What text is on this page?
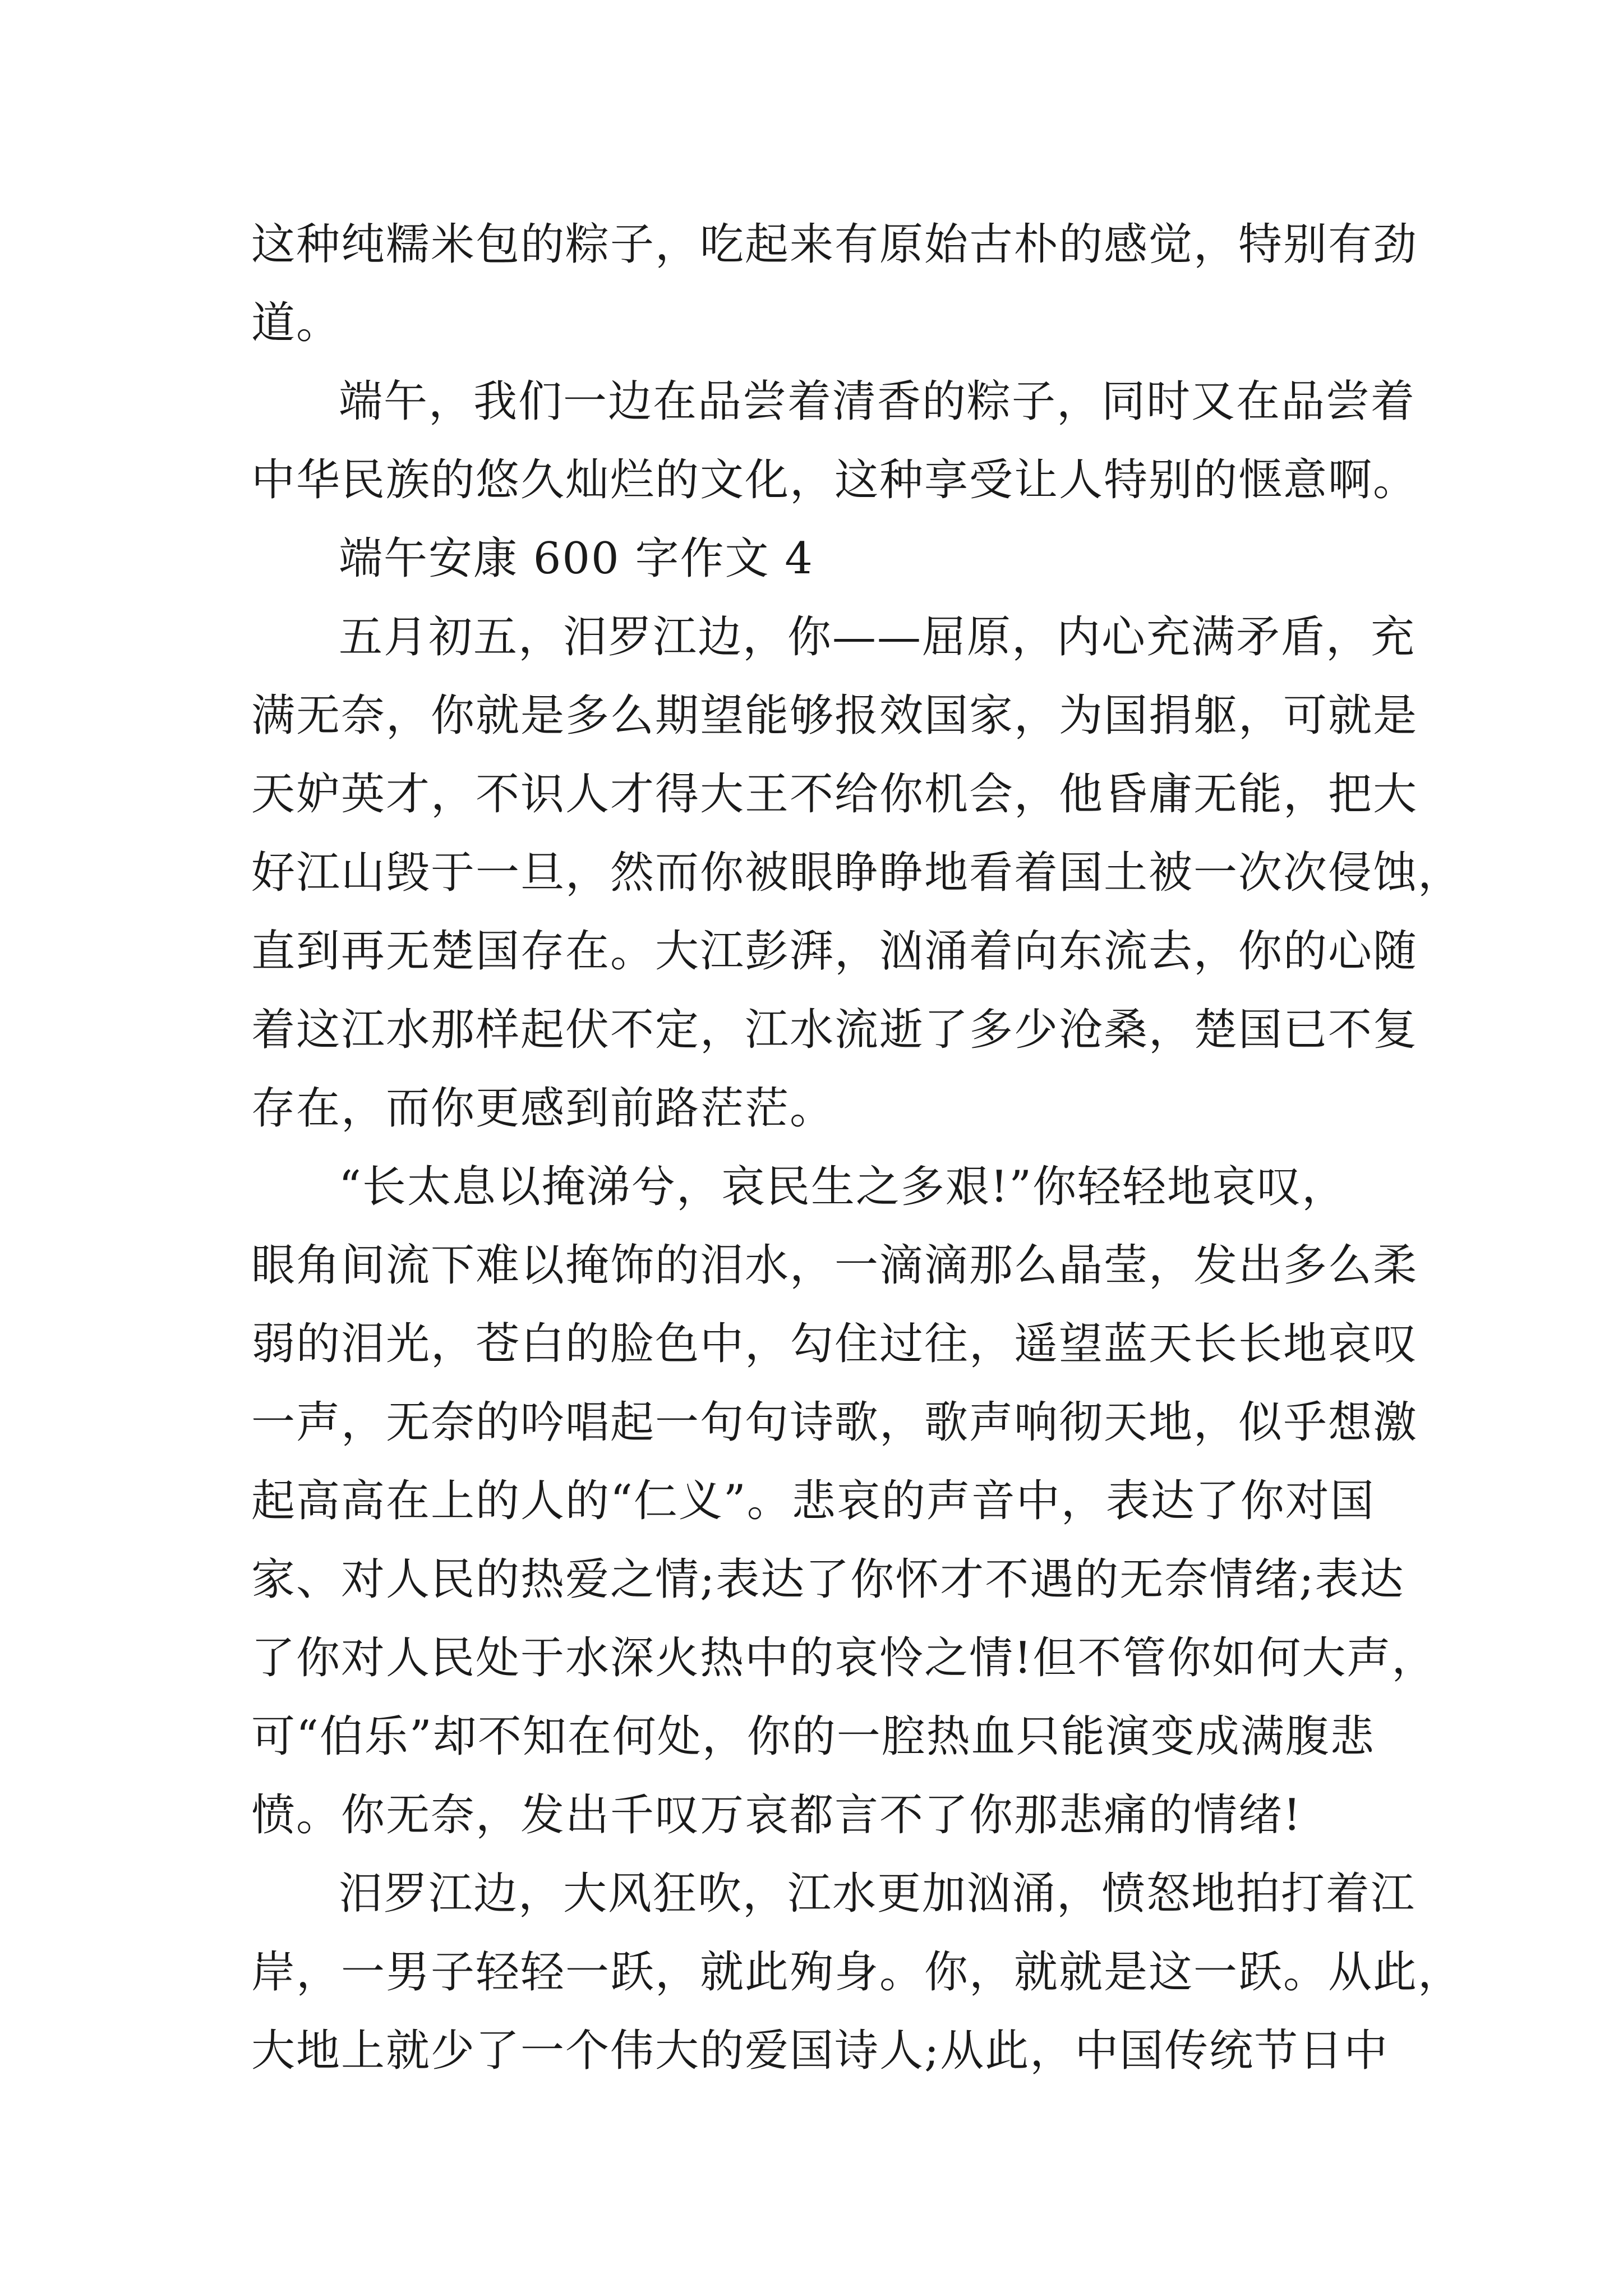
这种纯糯米包的粽子，吃起来有原始古朴的感觉，特别有劲
道。
端午，我们一边在品尝着清香的粽子，同时又在品尝着
中华民族的悠久灿烂的文化，这种享受让人特别的惬意啊。
端午安康 600 字作文 4
五月初五，汨罗江边，你——屈原，内心充满矛盾，充
满无奈，你就是多么期望能够报效国家，为国捐躯，可就是
天妒英才，不识人才得大王不给你机会，他昏庸无能，把大
好江山毁于一旦，然而你被眼睁睁地看着国土被一次次侵蚀，
直到再无楚国存在。大江彭湃，汹涌着向东流去，你的心随
着这江水那样起伏不定，江水流逝了多少沧桑，楚国已不复
存在，而你更感到前路茫茫。
“长太息以掩涕兮，哀民生之多艰!”你轻轻地哀叹，
眼角间流下难以掩饰的泪水，一滴滴那么晶莹，发出多么柔
弱的泪光，苍白的脸色中，勾住过往，遥望蓝天长长地哀叹
一声，无奈的吟唱起一句句诗歌，歌声响彻天地，似乎想激
起高高在上的人的“仁义”。悲哀的声音中，表达了你对国
家、对人民的热爱之情;表达了你怀才不遇的无奈情绪;表达
了你对人民处于水深火热中的哀怜之情!但不管你如何大声，
可“伯乐”却不知在何处，你的一腔热血只能演变成满腹悲
愤。你无奈，发出千叹万哀都言不了你那悲痛的情绪!
汨罗江边，大风狂吹，江水更加汹涌，愤怒地拍打着江
岸，一男子轻轻一跃，就此殉身。你，就就是这一跃。从此，
大地上就少了一个伟大的爱国诗人;从此，中国传统节日中
